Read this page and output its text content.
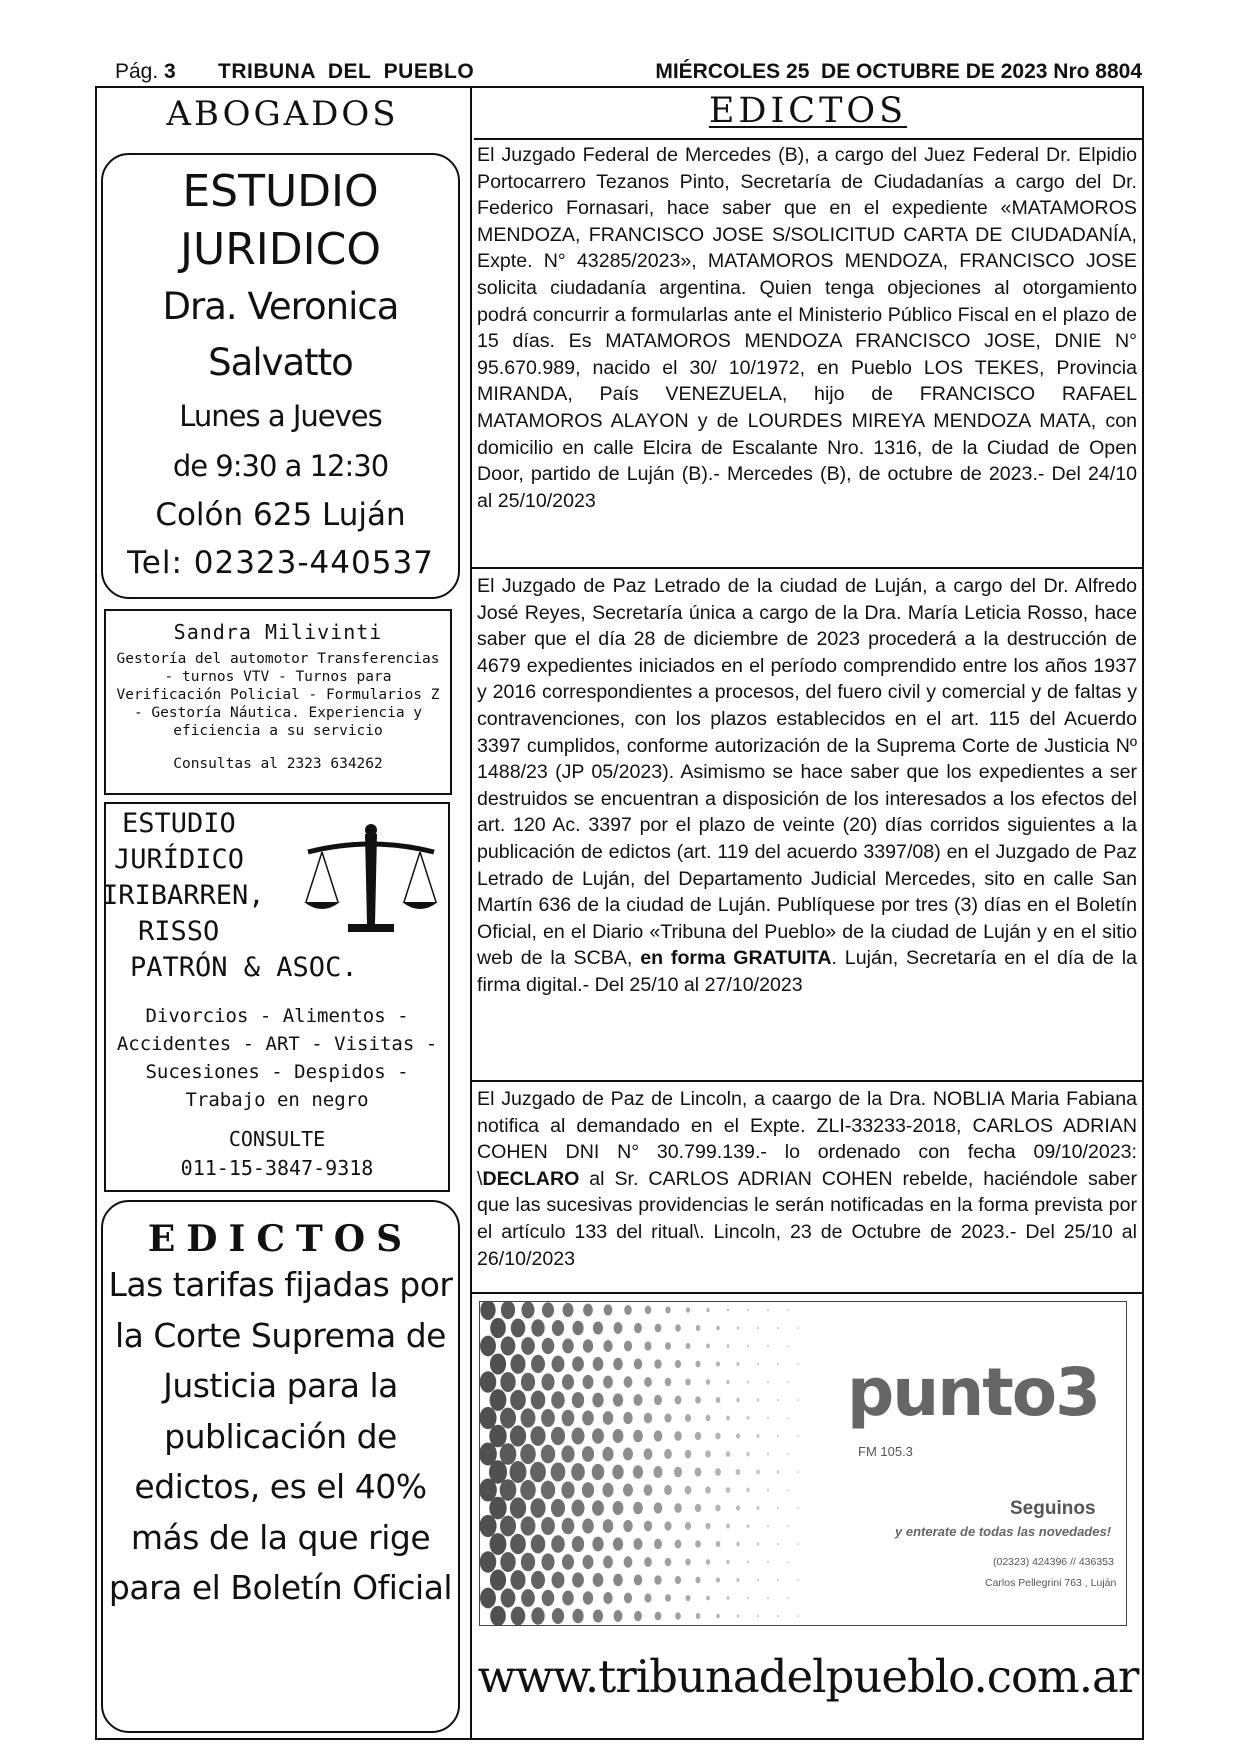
Pág. 3 TRIBUNA  DEL  PUEBLO	MIÉRCOLES 25  DE OCTUBRE DE 2023 Nro 8804
ABOGADOS
ESTUDIO
JURIDICO
Dra. Veronica
Salvatto
Lunes a Jueves
de 9:30 a 12:30
Colón 625 Luján
Tel: 02323-440537
Sandra Milivinti
Gestoría del automotor Transferencias - turnos VTV - Turnos para Verificación Policial - Formularios Z - Gestoría Náutica. Experiencia y eficiencia a su servicio
Consultas al 2323 634262
ESTUDIO
JURÍDICO
IRIBARREN,
RISSO
PATRÓN & ASOC.
Divorcios - Alimentos - Accidentes - ART - Visitas - Sucesiones - Despidos - Trabajo en negro
CONSULTE
011-15-3847-9318
EDICTOS
Las tarifas fijadas por la Corte Suprema de Justicia para la publicación de edictos, es el 40% más de la que rige para el Boletín Oficial
EDICTOS
El Juzgado Federal de Mercedes (B), a cargo del Juez Federal Dr. Elpidio Portocarrero Tezanos Pinto, Secretaría de Ciudadanías a cargo del Dr. Federico Fornasari, hace saber que en el expediente «MATAMOROS MENDOZA, FRANCISCO JOSE S/SOLICITUD CARTA DE CIUDADANÍA, Expte. N° 43285/2023», MATAMOROS MENDOZA, FRANCISCO JOSE solicita ciudadanía argentina. Quien tenga objeciones al otorgamiento podrá concurrir a formularlas ante el Ministerio Público Fiscal en el plazo de 15 días. Es MATAMOROS MENDOZA FRANCISCO JOSE, DNIE N° 95.670.989, nacido el 30/ 10/1972, en Pueblo LOS TEKES, Provincia MIRANDA, País VENEZUELA, hijo de FRANCISCO RAFAEL MATAMOROS ALAYON y de LOURDES MIREYA MENDOZA MATA, con domicilio en calle Elcira de Escalante Nro. 1316, de la Ciudad de Open Door, partido de Luján (B).- Mercedes (B), de octubre de 2023.- Del 24/10 al 25/10/2023
El Juzgado de Paz Letrado de la ciudad de Luján, a cargo del Dr. Alfredo José Reyes, Secretaría única a cargo de la Dra. María Leticia Rosso, hace saber que el día 28 de diciembre de 2023 procederá a la destrucción de 4679 expedientes iniciados en el período comprendido entre los años 1937 y 2016 correspondientes a procesos, del fuero civil y comercial y de faltas y contravenciones, con los plazos establecidos en el art. 115 del Acuerdo 3397 cumplidos, conforme autorización de la Suprema Corte de Justicia Nº 1488/23 (JP 05/2023). Asimismo se hace saber que los expedientes a ser destruidos se encuentran a disposición de los interesados a los efectos del art. 120 Ac. 3397 por el plazo de veinte (20) días corridos siguientes a la publicación de edictos (art. 119 del acuerdo 3397/08) en el Juzgado de Paz Letrado de Luján, del Departamento Judicial Mercedes, sito en calle San Martín 636 de la ciudad de Luján. Publíquese por tres (3) días en el Boletín Oficial, en el Diario «Tribuna del Pueblo» de la ciudad de Luján y en el sitio web de la SCBA, en forma GRATUITA. Luján, Secretaría en el día de la firma digital.- Del 25/10 al 27/10/2023
El Juzgado de Paz de Lincoln, a caargo de la Dra. NOBLIA Maria Fabiana notifica al demandado en el Expte. ZLI-33233-2018, CARLOS ADRIAN COHEN DNI N° 30.799.139.- lo ordenado con fecha 09/10/2023: \DECLARO al Sr. CARLOS ADRIAN COHEN rebelde, haciéndole saber que las sucesivas providencias le serán notificadas en la forma prevista por el artículo 133 del ritual\. Lincoln, 23 de Octubre de 2023.- Del 25/10 al 26/10/2023
punto3
FM 105.3
Seguinos
y enterate de todas las novedades!
(02323) 424396 // 436353
Carlos Pellegrini 763 , Luján
www.tribunadelpueblo.com.ar
